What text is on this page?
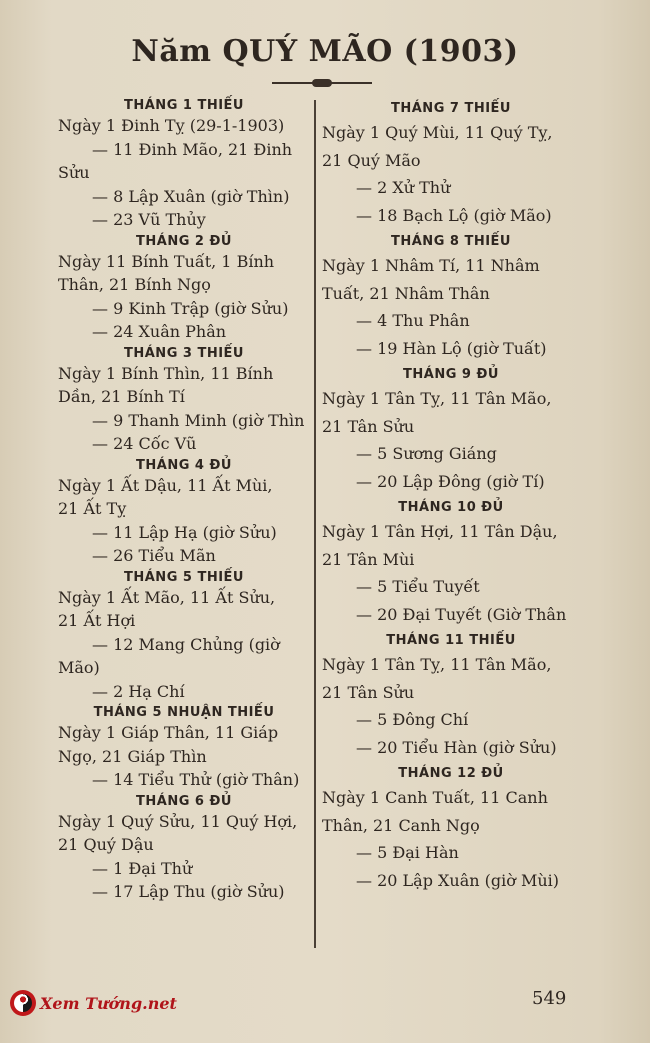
Năm QUÝ MÃO (1903)
THÁNG 1 THIẾU
Ngày 1 Đinh Tỵ (29-1-1903)
— 11 Đinh Mão, 21 Đinh
Sửu
— 8 Lập Xuân (giờ Thìn)
— 23 Vũ Thủy
THÁNG 2 ĐỦ
Ngày 11 Bính Tuất, 1 Bính
Thân, 21 Bính Ngọ
— 9 Kinh Trập (giờ Sửu)
— 24 Xuân Phân
THÁNG 3 THIẾU
Ngày 1 Bính Thìn, 11 Bính
Dần, 21 Bính Tí
— 9 Thanh Minh (giờ Thìn
— 24 Cốc Vũ
THÁNG 4 ĐỦ
Ngày 1 Ất Dậu, 11 Ất Mùi,
21 Ất Tỵ
— 11 Lập Hạ (giờ Sửu)
— 26 Tiểu Mãn
THÁNG 5 THIẾU
Ngày 1 Ất Mão, 11 Ất Sửu,
21 Ất Hợi
— 12 Mang Chủng (giờ
Mão)
— 2 Hạ Chí
THÁNG 5 NHUẬN THIẾU
Ngày 1 Giáp Thân, 11 Giáp
Ngọ, 21 Giáp Thìn
— 14 Tiểu Thử (giờ Thân)
THÁNG 6 ĐỦ
Ngày 1 Quý Sửu, 11 Quý Hợi,
21 Quý Dậu
— 1 Đại Thử
— 17 Lập Thu (giờ Sửu)
THÁNG 7 THIẾU
Ngày 1 Quý Mùi, 11 Quý Tỵ,
21 Quý Mão
— 2 Xử Thử
— 18 Bạch Lộ (giờ Mão)
THÁNG 8 THIẾU
Ngày 1 Nhâm Tí, 11 Nhâm
Tuất, 21 Nhâm Thân
— 4 Thu Phân
— 19 Hàn Lộ (giờ Tuất)
THÁNG 9 ĐỦ
Ngày 1 Tân Tỵ, 11 Tân Mão,
21 Tân Sửu
— 5 Sương Giáng
— 20 Lập Đông (giờ Tí)
THÁNG 10 ĐỦ
Ngày 1 Tân Hợi, 11 Tân Dậu,
21 Tân Mùi
— 5 Tiểu Tuyết
— 20 Đại Tuyết (Giờ Thân
THÁNG 11 THIẾU
Ngày 1 Tân Tỵ, 11 Tân Mão,
21 Tân Sửu
— 5 Đông Chí
— 20 Tiểu Hàn (giờ Sửu)
THÁNG 12 ĐỦ
Ngày 1 Canh Tuất, 11 Canh
Thân, 21 Canh Ngọ
— 5 Đại Hàn
— 20 Lập Xuân (giờ Mùi)
Xem Tướng.net	549
